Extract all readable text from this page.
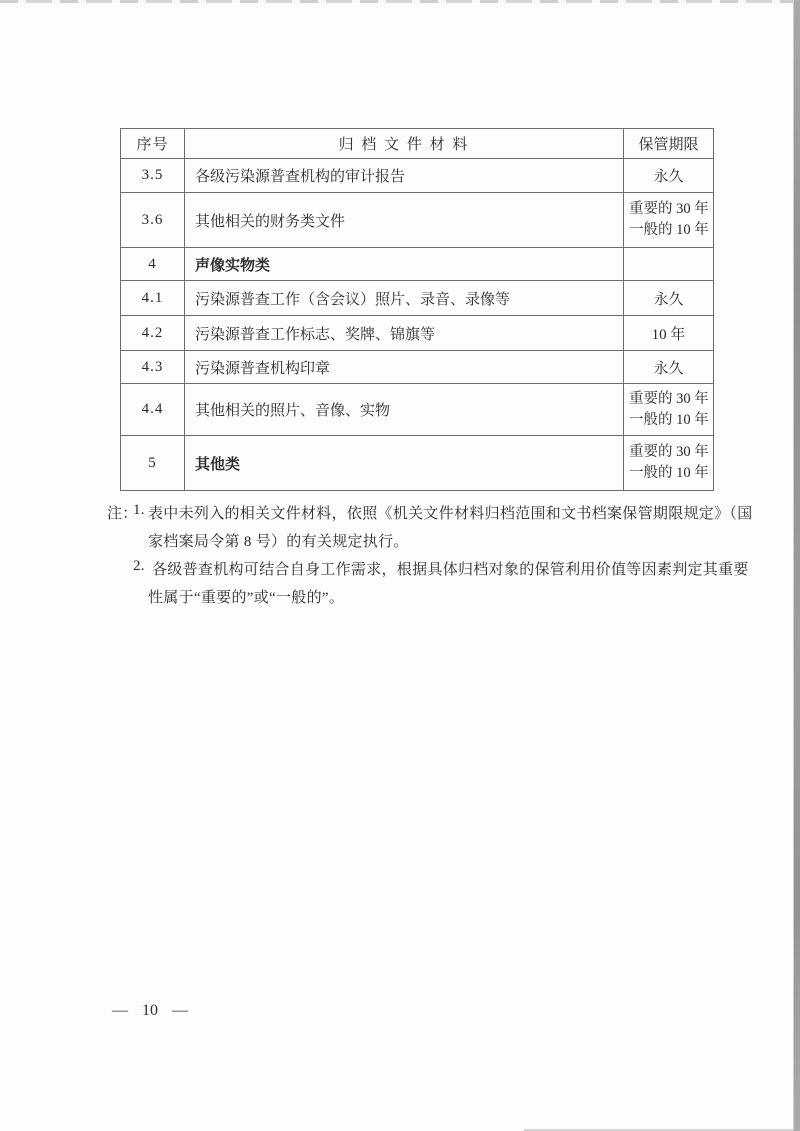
序号	归 档 文 件 材 料	保管期限
3.5	各级污染源普查机构的审计报告	永久
3.6	其他相关的财务类文件	重要的 30 年
一般的 10 年

4	声像实物类	
4.1	污染源普查工作（含会议）照片、录音、录像等	永久
4.2	污染源普查工作标志、奖牌、锦旗等	10 年
4.3	污染源普查机构印章	永久
4.4	其他相关的照片、音像、实物	重要的 30 年
一般的 10 年

5	其他类	重要的 30 年
一般的 10 年
注：
1. 表中未列入的相关文件材料，依照《机关文件材料归档范围和文书档案保管期限规定》（国
家档案局令第 8 号）的有关规定执行。
2. 各级普查机构可结合自身工作需求，根据具体归档对象的保管利用价值等因素判定其重要
性属于“重要的”或“一般的”。
— 10 —
